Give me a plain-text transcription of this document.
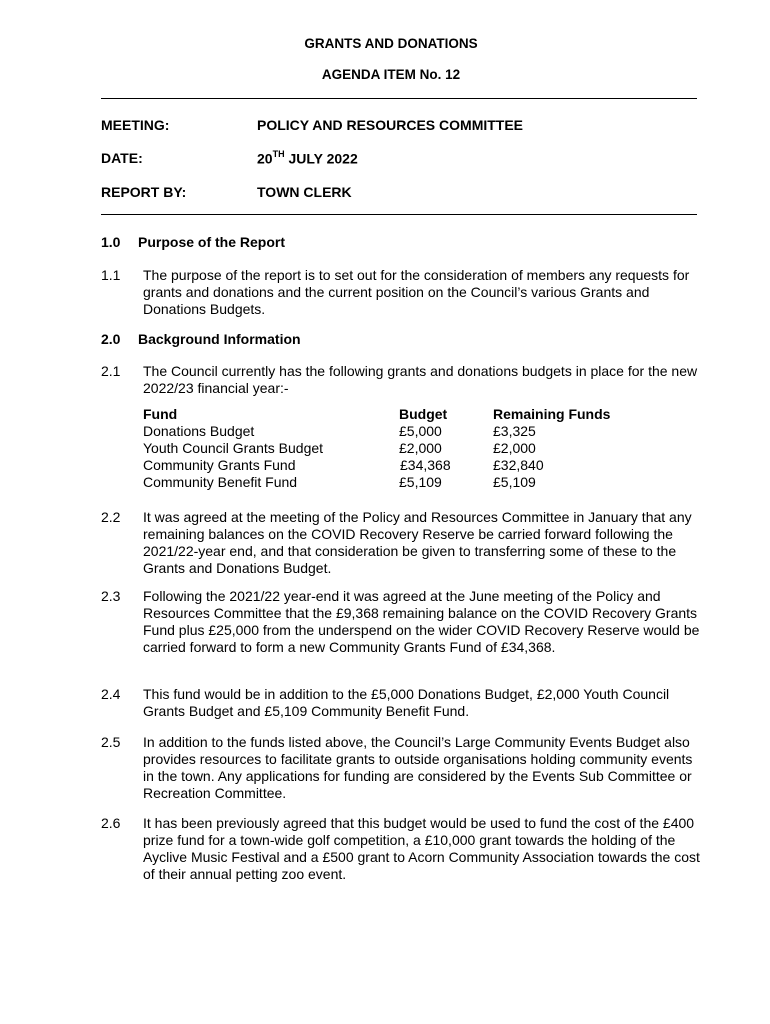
GRANTS AND DONATIONS
AGENDA ITEM No. 12
MEETING:	POLICY AND RESOURCES COMMITTEE
DATE:	20TH JULY 2022
REPORT BY:	TOWN CLERK
1.0 Purpose of the Report
1.1 The purpose of the report is to set out for the consideration of members any requests for grants and donations and the current position on the Council’s various Grants and Donations Budgets.
2.0 Background Information
2.1 The Council currently has the following grants and donations budgets in place for the new 2022/23 financial year:-
Fund	Budget	Remaining Funds
Donations Budget	£5,000	£3,325
Youth Council Grants Budget	£2,000	£2,000
Community Grants Fund	£34,368	£32,840
Community Benefit Fund	£5,109	£5,109
2.2 It was agreed at the meeting of the Policy and Resources Committee in January that any remaining balances on the COVID Recovery Reserve be carried forward following the 2021/22-year end, and that consideration be given to transferring some of these to the Grants and Donations Budget.
2.3 Following the 2021/22 year-end it was agreed at the June meeting of the Policy and Resources Committee that the £9,368 remaining balance on the COVID Recovery Grants Fund plus £25,000 from the underspend on the wider COVID Recovery Reserve would be carried forward to form a new Community Grants Fund of £34,368.
2.4 This fund would be in addition to the £5,000 Donations Budget, £2,000 Youth Council Grants Budget and £5,109 Community Benefit Fund.
2.5 In addition to the funds listed above, the Council’s Large Community Events Budget also provides resources to facilitate grants to outside organisations holding community events in the town. Any applications for funding are considered by the Events Sub Committee or Recreation Committee.
2.6 It has been previously agreed that this budget would be used to fund the cost of the £400 prize fund for a town-wide golf competition, a £10,000 grant towards the holding of the Ayclive Music Festival and a £500 grant to Acorn Community Association towards the cost of their annual petting zoo event.
